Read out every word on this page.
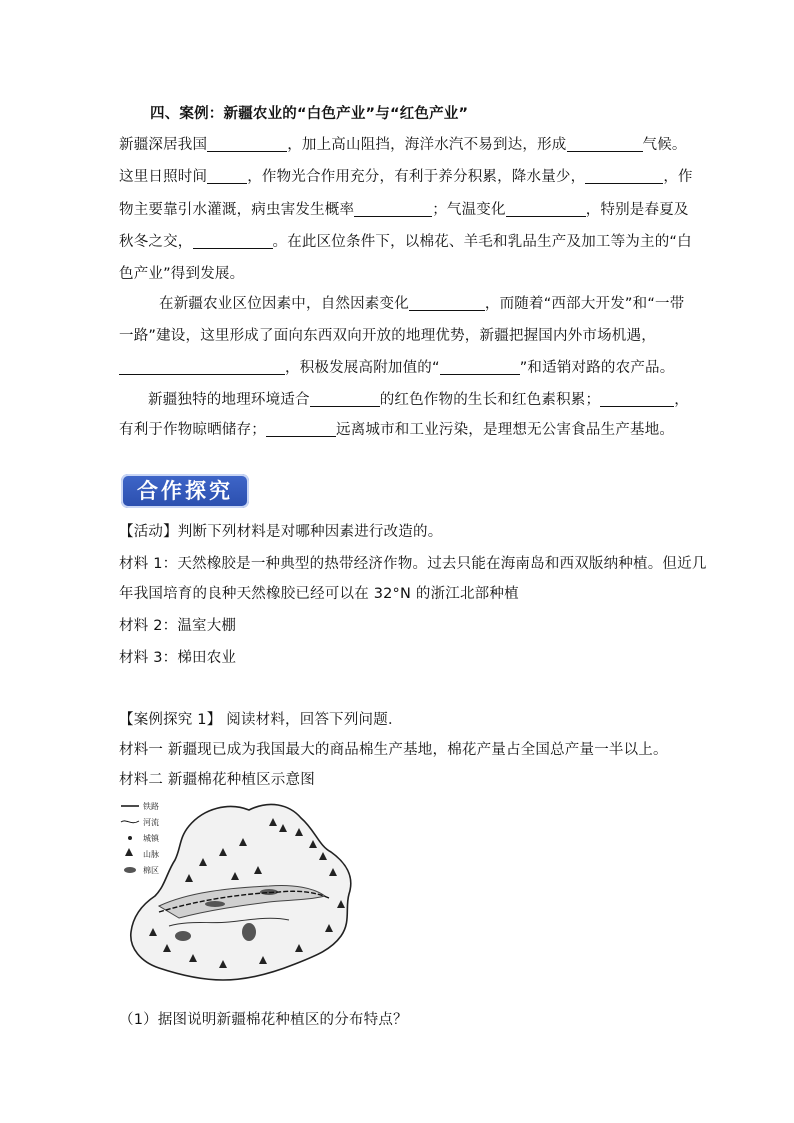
四、案例：新疆农业的“白色产业”与“红色产业”
新疆深居我国	，加上高山阻挡，海洋水汽不易到达，形成	气候。
这里日照时间	，作物光合作用充分，有利于养分积累，降水量少，	，作
物主要靠引水灌溉，病虫害发生概率	；气温变化	，特别是春夏及
秋冬之交，	。在此区位条件下，以棉花、羊毛和乳品生产及加工等为主的“白
色产业”得到发展。
在新疆农业区位因素中，自然因素变化	，而随着“西部大开发”和“一带
一路”建设，这里形成了面向东西双向开放的地理优势，新疆把握国内外市场机遇，
，积极发展高附加值的“	”和适销对路的农产品。
新疆独特的地理环境适合	的红色作物的生长和红色素积累；	，
有利于作物晾晒储存；	远离城市和工业污染，是理想无公害食品生产基地。
合作探究
【活动】判断下列材料是对哪种因素进行改造的。
材料 1：天然橡胶是一种典型的热带经济作物。过去只能在海南岛和西双版纳种植。但近几
年我国培育的良种天然橡胶已经可以在 32°N 的浙江北部种植
材料 2：温室大棚
材料 3：梯田农业
【案例探究 1】 阅读材料，回答下列问题．
材料一 新疆现已成为我国最大的商品棉生产基地，棉花产量占全国总产量一半以上。
材料二 新疆棉花种植区示意图
铁路
河流
城镇
山脉
棉区
（1）据图说明新疆棉花种植区的分布特点？
